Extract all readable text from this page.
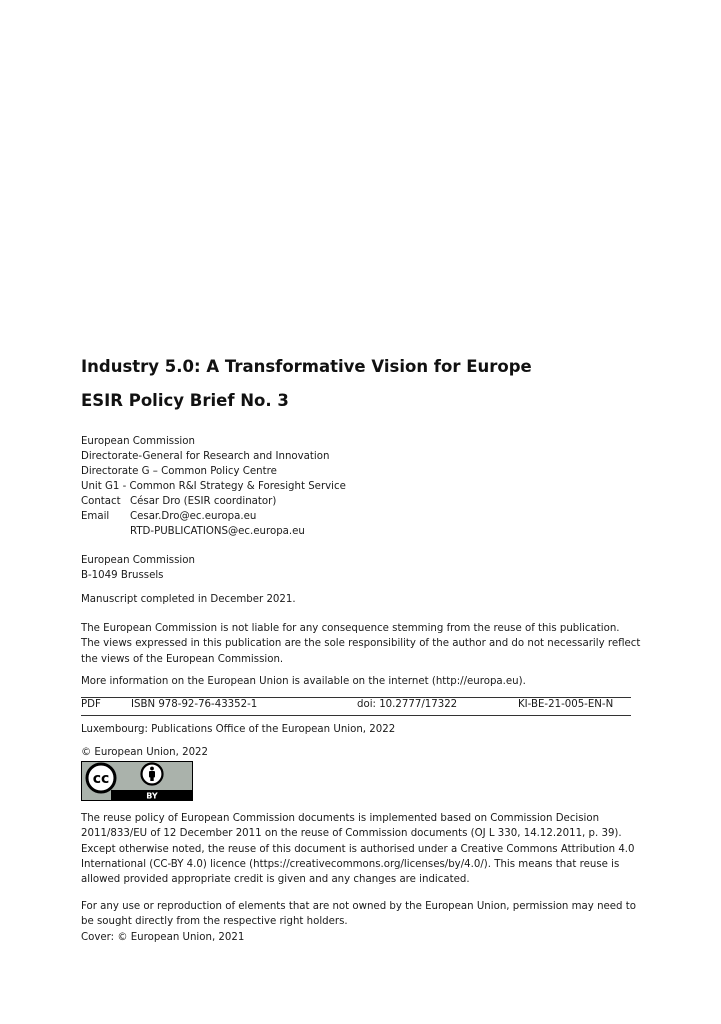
Industry 5.0: A Transformative Vision for Europe
ESIR Policy Brief No. 3
European Commission
Directorate-General for Research and Innovation
Directorate G – Common Policy Centre
Unit G1 - Common R&I Strategy & Foresight Service
Contact César Dro (ESIR coordinator)
Email	Cesar.Dro@ec.europa.eu
RTD-PUBLICATIONS@ec.europa.eu
European Commission
B-1049 Brussels
Manuscript completed in December 2021.
The European Commission is not liable for any consequence stemming from the reuse of this publication. The views expressed in this publication are the sole responsibility of the author and do not necessarily reflect the views of the European Commission.
More information on the European Union is available on the internet (http://europa.eu).
PDF	ISBN 978-92-76-43352-1	doi: 10.2777/17322	KI-BE-21-005-EN-N
Luxembourg: Publications Office of the European Union, 2022
© European Union, 2022
cc
BY
The reuse policy of European Commission documents is implemented based on Commission Decision 2011/833/EU of 12 December 2011 on the reuse of Commission documents (OJ L 330, 14.12.2011, p. 39). Except otherwise noted, the reuse of this document is authorised under a Creative Commons Attribution 4.0 International (CC-BY 4.0) licence (https://creativecommons.org/licenses/by/4.0/). This means that reuse is allowed provided appropriate credit is given and any changes are indicated.
For any use or reproduction of elements that are not owned by the European Union, permission may need to be sought directly from the respective right holders.
Cover: © European Union, 2021
